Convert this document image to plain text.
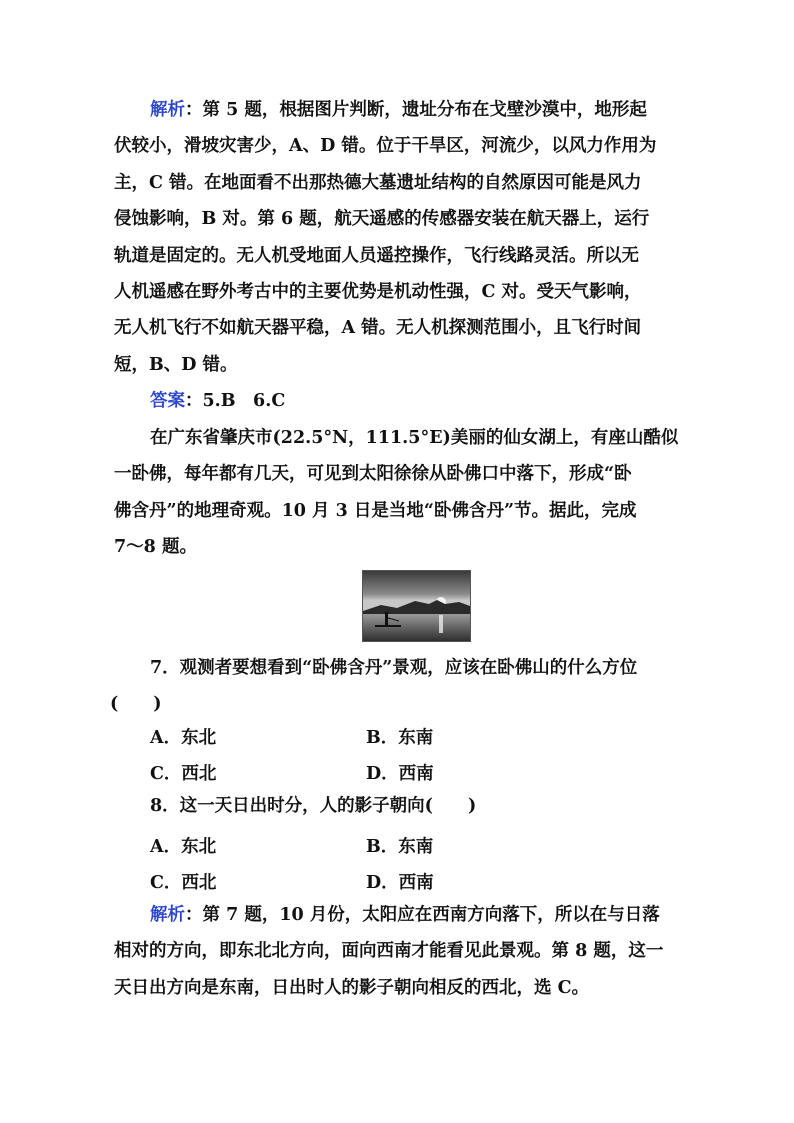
解析：第 5 题，根据图片判断，遗址分布在戈壁沙漠中，地形起
伏较小，滑坡灾害少，A、D 错。位于干旱区，河流少，以风力作用为
主，C 错。在地面看不出那热德大墓遗址结构的自然原因可能是风力
侵蚀影响，B 对。第 6 题，航天遥感的传感器安装在航天器上，运行
轨道是固定的。无人机受地面人员遥控操作，飞行线路灵活。所以无
人机遥感在野外考古中的主要优势是机动性强，C 对。受天气影响，
无人机飞行不如航天器平稳，A 错。无人机探测范围小，且飞行时间
短，B、D 错。
答案：5.B　6.C
在广东省肇庆市(22.5°N，111.5°E)美丽的仙女湖上，有座山酷似
一卧佛，每年都有几天，可见到太阳徐徐从卧佛口中落下，形成“卧
佛含丹”的地理奇观。10 月 3 日是当地“卧佛含丹”节。据此，完成
7～8 题。
7．观测者要想看到“卧佛含丹”景观，应该在卧佛山的什么方位
(　　)
A．东北	B．东南
C．西北	D．西南
8．这一天日出时分，人的影子朝向(　　)
A．东北	B．东南
C．西北	D．西南
解析：第 7 题，10 月份，太阳应在西南方向落下，所以在与日落
相对的方向，即东北北方向，面向西南才能看见此景观。第 8 题，这一
天日出方向是东南，日出时人的影子朝向相反的西北，选 C。
